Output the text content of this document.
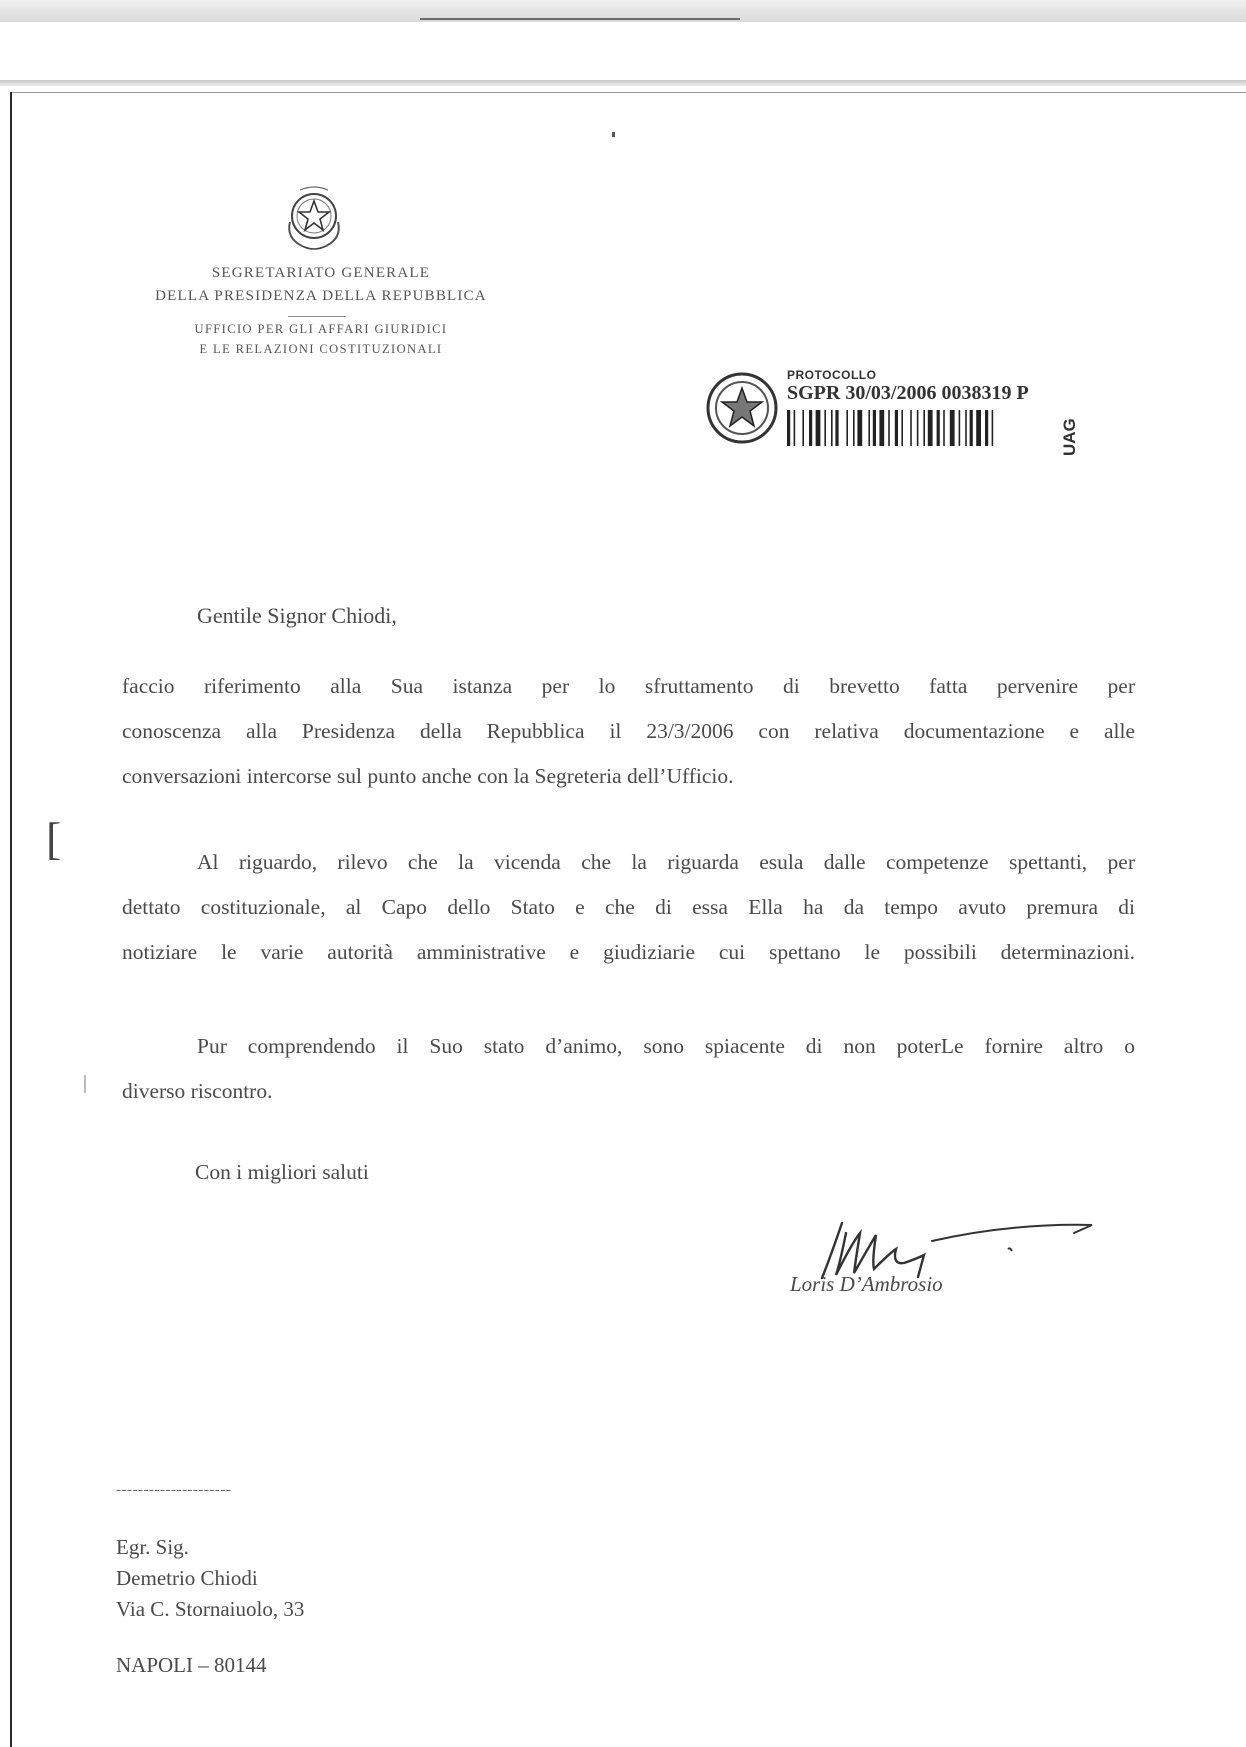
SEGRETARIATO GENERALE
DELLA PRESIDENZA DELLA REPUBBLICA
UFFICIO PER GLI AFFARI GIURIDICI
E LE RELAZIONI COSTITUZIONALI
PROTOCOLLO
SGPR 30/03/2006 0038319 P
UAG
[
Gentile Signor Chiodi,
faccio riferimento alla Sua istanza per lo sfruttamento di brevetto fatta pervenire per
conoscenza alla Presidenza della Repubblica il 23/3/2006 con relativa documentazione e alle
conversazioni intercorse sul punto anche con la Segreteria dell’Ufficio.
Al riguardo, rilevo che la vicenda che la riguarda esula dalle competenze spettanti, per
dettato costituzionale, al Capo dello Stato e che di essa Ella ha da tempo avuto premura di
notiziare le varie autorità amministrative e giudiziarie cui spettano le possibili determinazioni.
Pur comprendendo il Suo stato d’animo, sono spiacente di non poterLe fornire altro o
diverso riscontro.
Con i migliori saluti
Loris D’Ambrosio
---------------------
Egr. Sig.
Demetrio Chiodi
Via C. Stornaiuolo, 33
NAPOLI – 80144
